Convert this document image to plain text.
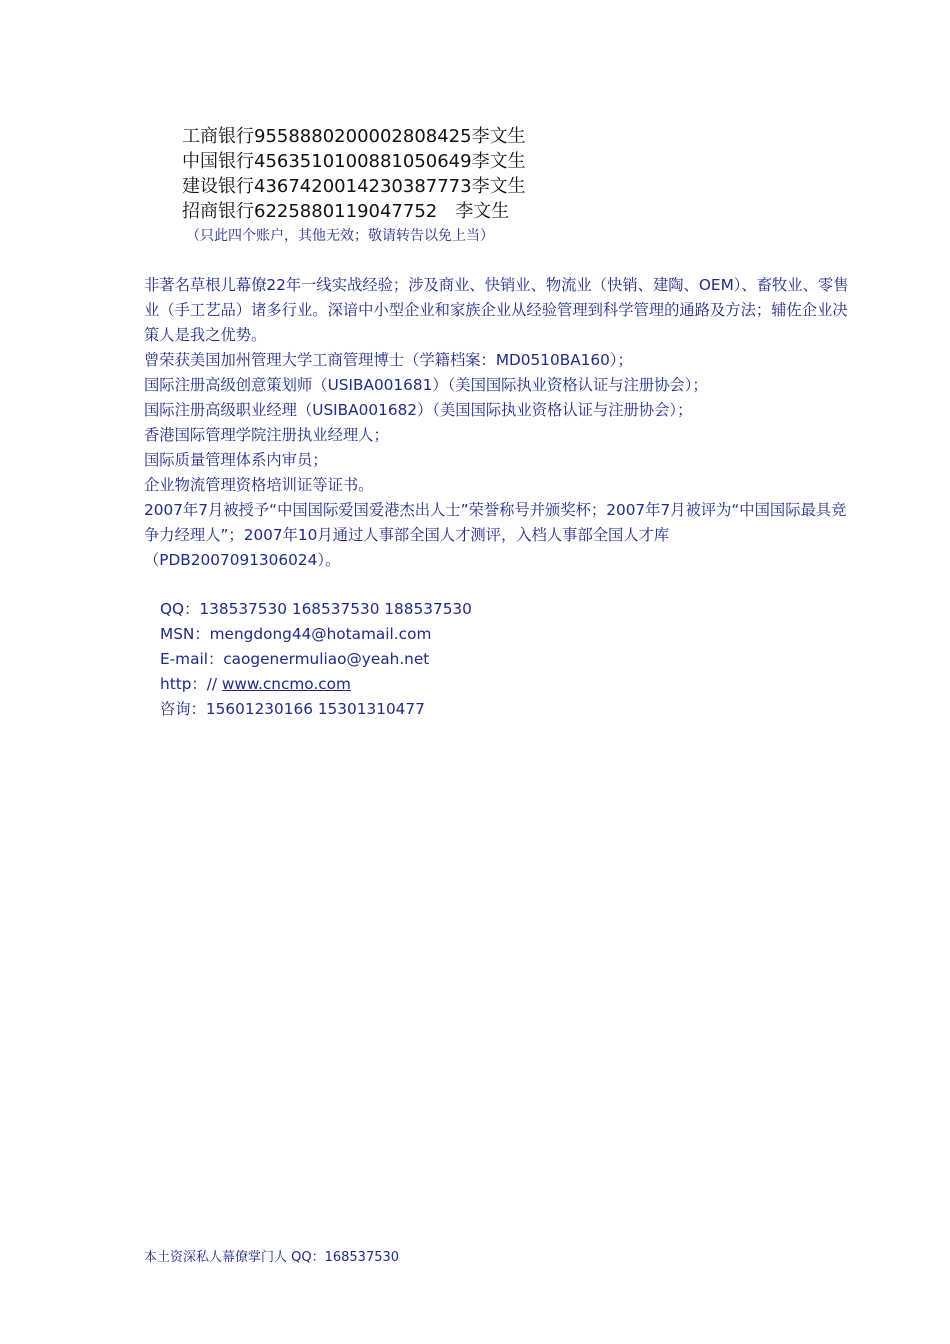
工商银行9558880200002808425李文生
中国银行4563510100881050649李文生
建设银行4367420014230387773李文生
招商银行6225880119047752 李文生
（只此四个账户，其他无效；敬请转告以免上当）

非著名草根儿幕僚22年一线实战经验；涉及商业、快销业、物流业（快销、建陶、OEM）、畜牧业、零售业（手工艺品）诸多行业。深谙中小型企业和家族企业从经验管理到科学管理的通路及方法；辅佐企业决策人是我之优势。

曾荣获美国加州管理大学工商管理博士（学籍档案：MD0510BA160）；

国际注册高级创意策划师（USIBA001681）（美国国际执业资格认证与注册协会）；

国际注册高级职业经理（USIBA001682）（美国国际执业资格认证与注册协会）；

香港国际管理学院注册执业经理人；

国际质量管理体系内审员；

企业物流管理资格培训证等证书。

2007年7月被授予“中国国际爱国爱港杰出人士”荣誉称号并颁奖杯；2007年7月被评为“中国国际最具竞争力经理人”；2007年10月通过人事部全国人才测评，入档人事部全国人才库（PDB2007091306024）。

QQ：138537530 168537530 188537530
MSN：mengdong44@hotamail.com
E-mail：caogenermuliao@yeah.net
http：// www.cncmo.com
咨询：15601230166 15301310477
本土资深私人幕僚掌门人 QQ：168537530
